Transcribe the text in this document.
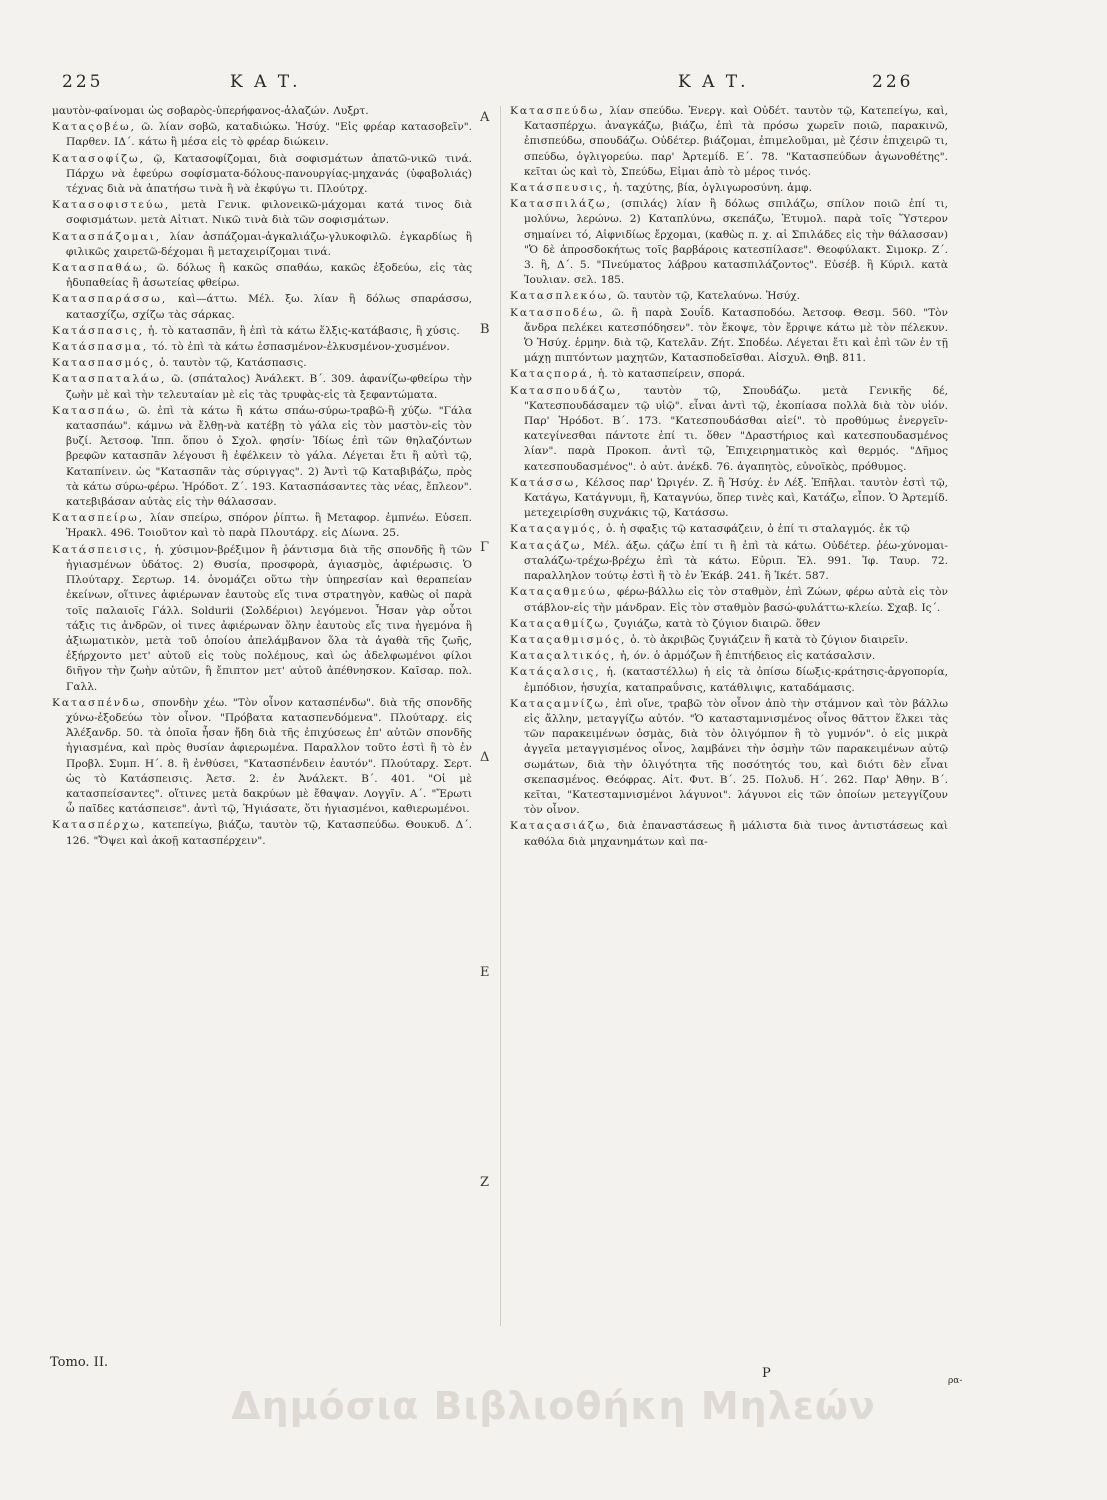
225	Κ Α Τ.	Κ Α Τ.	226

μαυτὸν-φαίνομαι ὡς σοβαρὸς-ὑπερήφανος-ἀλαζών. Λυξρτ.

Καταςοβέω, ῶ. λίαν σοβῶ, καταδιώκω. Ἡσύχ. "Εἰς φρέαρ κατασοβεῖν". Παρθεν. ΙΔ΄. κάτω ἢ μέσα εἰς τὸ φρέαρ διώκειν.

Κατασοφίζω, ῷ, Κατασοφίζομαι, διὰ σοφισμάτων ἀπατῶ-νικῶ τινά. Πάρχω νὰ ἐφεύρω σοφίσματα-δόλους-πανουργίας-μηχανάς (ὑφαβολιάς) τέχνας διὰ νὰ ἀπατήσω τινὰ ἢ νὰ ἐκφύγω τι. Πλούτρχ.

Κατασοφιστεύω, μετὰ Γενικ. φιλονεικῶ-μάχομαι κατά τινος διὰ σοφισμάτων. μετὰ Αἰτιατ. Νικῶ τινὰ διὰ τῶν σοφισμάτων.

Κατασπάζομαι, λίαν ἀσπάζομαι-ἀγκαλιάζω-γλυκοφιλῶ. ἐγκαρδίως ἢ φιλικῶς χαιρετῶ-δέχομαι ἢ μεταχειρίζομαι τινά.

Κατασπαθάω, ῶ. δόλως ἢ κακῶς σπαθάω, κακῶς ἐξοδεύω, εἰς τὰς ἡδυπαθείας ἢ ἀσωτείας φθείρω.

Κατασπαράσσω, καὶ—άττω. Μέλ. ξω. λίαν ἢ δόλως σπαράσσω, κατασχίζω, σχίζω τὰς σάρκας.

Κατάσπασις, ἡ. τὸ κατασπᾶν, ἢ ἐπὶ τὰ κάτω ἕλξις-κατάβασις, ἢ χύσις.

Κατάσπασμα, τό. τὸ ἐπὶ τὰ κάτω ἐσπασμένον-ἐλκυσμένον-χυσμένον.

Κατασπασμός, ὁ. ταυτὸν τῷ, Κατάσπασις.

Κατασπαταλάω, ῶ. (σπάταλος) Ἀνάλεκτ. Β΄. 309. ἀφανίζω-φθείρω τὴν ζωὴν μὲ καὶ τὴν τελευταίαν μὲ εἰς τὰς τρυφὰς-εἰς τὰ ξεφαντώματα.

Κατασπάω, ῶ. ἐπὶ τὰ κάτω ἢ κάτω σπάω-σύρω-τραβῶ-ἢ χύζω. "Γάλα κατασπάω". κάμνω νὰ ἔλθῃ-νὰ κατέβῃ τὸ γάλα εἰς τὸν μαστὸν-εἰς τὸν βυζί. Ἀετσοφ. Ἱππ. ὅπου ὁ Σχολ. φησίν· Ἰδίως ἐπὶ τῶν θηλαζόντων βρεφῶν κατασπᾶν λέγουσι ἢ ἐφέλκειν τὸ γάλα. Λέγεται ἔτι ἢ αὐτὶ τῷ, Καταπίνειν. ὡς "Κατασπᾶν τὰς σύριγγας". 2) Ἀντὶ τῷ Καταβιβάζω, πρὸς τὰ κάτω σύρω-φέρω. Ἡρόδοτ. Ζ΄. 193. Κατασπάσαντες τὰς νέας, ἔπλεον". κατεβιβάσαν αὐτὰς εἰς τὴν θάλασσαν.

Κατασπείρω, λίαν σπείρω, σπόρον ῥίπτω. ἢ Μεταφορ. ἐμπνέω. Εὐσεπ. Ἡρακλ. 496. Τοιοῦτον καὶ τὸ παρὰ Πλουτάρχ. εἰς Δίωνα. 25.

Κατάσπεισις, ἡ. χύσιμον-βρέξιμον ἢ ῥάντισμα διὰ τῆς σπονδῆς ἢ τῶν ἡγιασμένων ὑδάτος. 2) Θυσία, προσφορὰ, ἁγιασμὸς, ἀφιέρωσις. Ὁ Πλούταρχ. Σερτωρ. 14. ὀνομάζει οὕτω τὴν ὑπηρεσίαν καὶ θεραπείαν ἐκείνων, οἵτινες ἀφιέρωναν ἑαυτοὺς εἴς τινα στρατηγὸν, καθὼς οἱ παρὰ τοῖς παλαιοῖς Γάλλ. Soldurii (Σολδέριοι) λεγόμενοι. Ἦσαν γὰρ οὗτοι τάξις τις ἀνδρῶν, οἱ τινες ἀφιέρωναν ὅλην ἑαυτοὺς εἴς τινα ἡγεμόνα ἢ ἀξιωματικὸν, μετὰ τοῦ ὁποίου ἀπελάμβανον ὅλα τὰ ἀγαθὰ τῆς ζωῆς, ἐξήρχοντο μετ' αὐτοῦ εἰς τοὺς πολέμους, καὶ ὡς ἀδελφωμένοι φίλοι διῆγον τὴν ζωὴν αὐτῶν, ἢ ἔπιπτον μετ' αὐτοῦ ἀπέθνησκον. Καῖσαρ. πολ. Γαλλ.

Κατασπένδω, σπονδὴν χέω. "Τὸν οἶνον κατασπένδω". διὰ τῆς σπονδῆς χύνω-ἐξοδεύω τὸν οἶνον. "Πρόβατα κατασπενδόμενα". Πλούταρχ. εἰς Ἀλέξανδρ. 50. τὰ ὁποῖα ἦσαν ἤδη διὰ τῆς ἐπιχύσεως ἐπ' αὐτῶν σπονδῆς ἡγιασμένα, καὶ πρὸς θυσίαν ἀφιερωμένα. Παραλλον τοῦτο ἐστὶ ἢ τὸ ἐν Προβλ. Συμπ. Η΄. 8. ἢ ἐνθύσει, "Κατασπένδειν ἑαυτόν". Πλούταρχ. Σερτ. ὡς τὸ Κατάσπεισις. Ἀετσ. 2. ἐν Ἀνάλεκτ. Β΄. 401. "Οἱ μὲ κατασπείσαντες". οἵτινες μετὰ δακρύων μὲ ἔθαψαν. Λογγῖν. Α΄. "Ἔρωτι ὦ παῖδες κατάσπεισε". ἀντὶ τῷ, Ἡγιάσατε, ὅτι ἡγιασμένοι, καθιερωμένοι.

Κατασπέρχω, κατεπείγω, βιάζω, ταυτὸν τῷ, Κατασπεύδω. Θουκυδ. Δ΄. 126. "Ὄψει καὶ ἀκοῇ κατασπέρχειν".

Κατασπεύδω, λίαν σπεύδω. Ἐνεργ. καὶ Οὐδέτ. ταυτὸν τῷ, Κατεπείγω, καὶ, Κατασπέρχω. ἀναγκάζω, βιάζω, ἐπὶ τὰ πρόσω χωρεῖν ποιῶ, παρακινῶ, ἐπισπεύδω, σπουδάζω. Οὐδέτερ. βιάζομαι, ἐπιμελοῦμαι, μὲ ζέσιν ἐπιχειρῶ τι, σπεύδω, ὀγλιγορεύω. παρ' Ἀρτεμίδ. Ε΄. 78. "Κατασπεύδων ἀγωνοθέτης". κεῖται ὡς καὶ τὸ, Σπεύδω, Εἰμαι ἀπὸ τὸ μέρος τινός.

Κατάσπευσις, ἡ. ταχύτης, βία, ὀγλιγωροσύνη. ἀμφ.

Κατασπιλάζω, (σπιλάς) λίαν ἢ δόλως σπιλάζω, σπίλον ποιῶ ἐπί τι, μολύνω, λερώνω. 2) Καταπλύνω, σκεπάζω, Ἐτυμολ. παρὰ τοῖς Ὕστερον σημαίνει τό, Αἰφνιδίως ἔρχομαι, (καθὼς π. χ. αἱ Σπιλάδες εἰς τὴν θάλασσαν) "Ὁ δὲ ἀπροσδοκήτως τοῖς βαρβάροις κατεσπίλασε". Θεοφύλακτ. Σιμοκρ. Ζ΄. 3. ἢ, Δ΄. 5. "Πνεύματος λάβρου κατασπιλάζοντος". Εὐσέβ. ἢ Κύριλ. κατὰ Ἰουλιαν. σελ. 185.

Κατασπλεκόω, ῶ. ταυτὸν τῷ, Κατελαύνω. Ἡσύχ.

Κατασποδέω, ῶ. ἢ παρὰ Σουΐδ. Κατασποδόω. Ἀετσοφ. Θεσμ. 560. "Τὸν ἄνδρα πελέκει κατεσπόδησεν". τὸν ἔκοψε, τὸν ἔρριψε κάτω μὲ τὸν πέλεκυν. Ὁ Ἡσύχ. ἑρμην. διὰ τῷ, Κατελᾶν. Ζήτ. Σποδέω. Λέγεται ἔτι καὶ ἐπὶ τῶν ἐν τῇ μάχῃ πιπτόντων μαχητῶν, Κατασποδεῖσθαι. Αἰσχυλ. Θηβ. 811.

Καταςπορά, ἡ. τὸ κατασπείρειν, σπορά.

Κατασπουδάζω, ταυτὸν τῷ, Σπουδάζω. μετὰ Γενικῆς δέ, "Κατεσπουδάσαμεν τῷ υἱῷ". εἶναι ἀντὶ τῷ, ἐκοπίασα πολλὰ διὰ τὸν υἱόν. Παρ' Ἡρόδοτ. Β΄. 173. "Κατεσπουδάσθαι αἰεί". τὸ προθύμως ἐνεργεῖν-κατεγίνεσθαι πάντοτε ἐπί τι. ὅθεν "Δραστήριος καὶ κατεσπουδασμένος λίαν". παρὰ Προκοπ. ἀντὶ τῷ, Ἐπιχειρηματικὸς καὶ θερμός. "Δῆμος κατεσπουδασμένος". ὁ αὐτ. ἀνέκδ. 76. ἀγαπητὸς, εὐνοϊκὸς, πρόθυμος.

Κατάσσω, Κέλσος παρ' Ὠριγέν. Ζ. ἢ Ἡσύχ. ἐν Λέξ. Ἐπῆλαι. ταυτὸν ἐστὶ τῷ, Κατάγω, Κατάγνυμι, ἢ, Καταγνύω, ὅπερ τινὲς καὶ, Κατάζω, εἶπον. Ὁ Ἀρτεμίδ. μετεχειρίσθη συχνάκις τῷ, Κατάσσω.

Καταςαγμός, ὁ. ἡ σφαξις τῷ κατασφάζειν, ὁ ἐπί τι σταλαγμός. ἐκ τῷ

Καταςάζω, Μέλ. άξω. ςάζω ἐπί τι ἢ ἐπὶ τὰ κάτω. Οὐδέτερ. ῥέω-χύνομαι-σταλάζω-τρέχω-βρέχω ἐπὶ τὰ κάτω. Εὐριπ. Ἑλ. 991. Ἰφ. Ταυρ. 72. παραλληλον τούτῳ ἐστὶ ἢ τὸ ἐν Ἑκάβ. 241. ἢ Ἱκέτ. 587.

Καταςαθμεύω, φέρω-βάλλω εἰς τὸν σταθμὸν, ἐπὶ Ζώων, φέρω αὐτὰ εἰς τὸν στάβλον-εἰς τὴν μάνδραν. Εἰς τὸν σταθμὸν βασώ-φυλάττω-κλείω. Σχαβ. Ις΄.

Καταςαθμίζω, ζυγιάζω, κατὰ τὸ ζύγιον διαιρῶ. ὅθεν

Καταςαθμισμός, ὁ. τὸ ἀκριβῶς ζυγιάζειν ἢ κατὰ τὸ ζύγιον διαιρεῖν.

Καταςαλτικός, ἡ, όν. ὁ ἁρμόζων ἢ ἐπιτήδειος εἰς κατάσαλσιν.

Κατάςαλσις, ἡ. (καταστέλλω) ἡ εἰς τὰ ὀπίσω δίωξις-κράτησις-ἀργοπορία, ἐμπόδιον, ἡσυχία, καταπραΰνσις, κατάθλιψις, καταδάμασις.

Καταςαμνίζω, ἐπὶ οἴνε, τραβῶ τὸν οἶνον ἀπὸ τὴν στάμνον καὶ τὸν βάλλω εἰς ἄλλην, μεταγγίζω αὐτόν. "Ὁ κατασταμνισμένος οἶνος θᾶττον ἕλκει τὰς τῶν παρακειμένων ὀσμὰς, διὰ τὸν ὀλιγόμπον ἢ τὸ γυμνόν". ὁ εἰς μικρὰ ἀγγεῖα μεταγγισμένος οἶνος, λαμβάνει τὴν ὀσμὴν τῶν παρακειμένων αὐτῷ σωμάτων, διὰ τὴν ὀλιγότητα τῆς ποσότητός του, καὶ διότι δὲν εἶναι σκεπασμένος. Θεόφρας. Αἰτ. Φυτ. Β΄. 25. Πολυδ. Η΄. 262. Παρ' Ἀθην. Β΄. κεῖται, "Κατεσταμνισμένοι λάγυνοι". λάγυνοι εἰς τῶν ὁποίων μετεγγίζουν τὸν οἶνον.

Καταςασιάζω, διὰ ἐπαναστάσεως ἢ μάλιστα διὰ τινος ἀντιστάσεως καὶ καθόλα διὰ μηχανημάτων καὶ πα-

Α
Β
Γ
Δ
Ε
Ζ
Tomo. II.
P	ρα-
Δημόσια Βιβλιοθήκη Μηλεών
